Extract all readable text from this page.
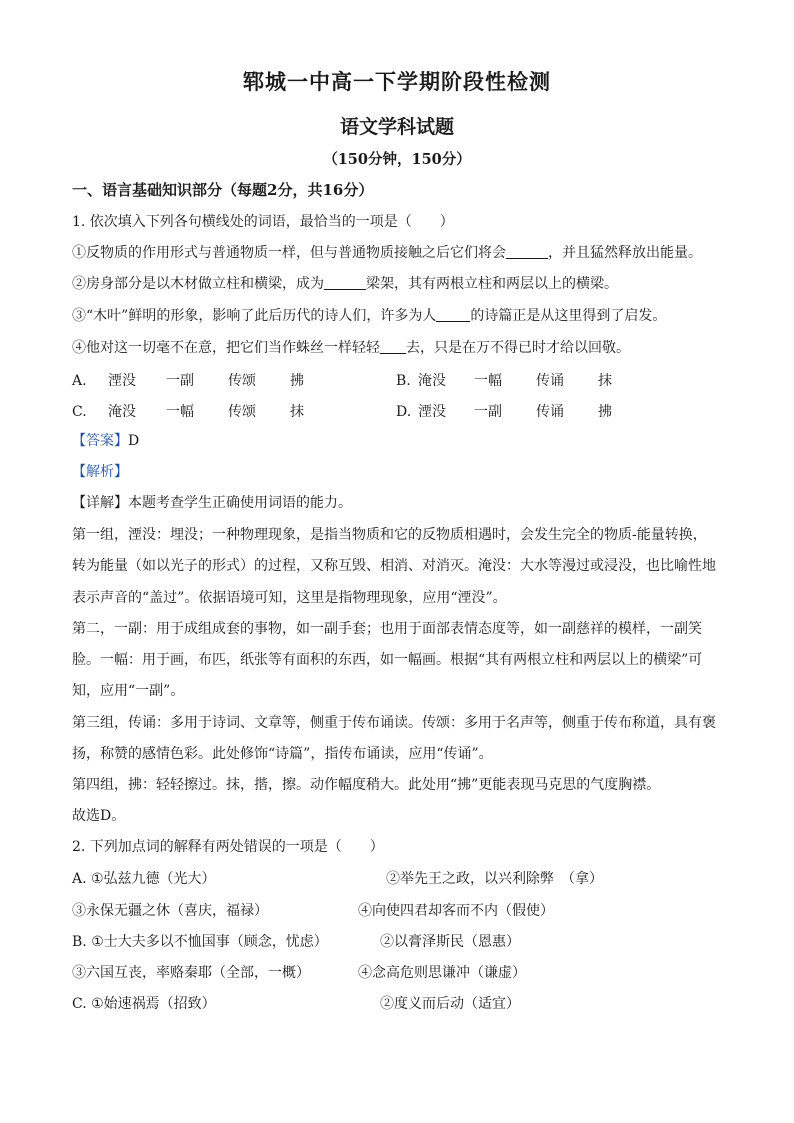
郓城一中高一下学期阶段性检测
语文学科试题
（150分钟，150分）
一、语言基础知识部分（每题2分，共16分）
1. 依次填入下列各句横线处的词语，最恰当的一项是（　　）
①反物质的作用形式与普通物质一样，但与普通物质接触之后它们将会	，并且猛然释放出能量。
②房身部分是以木材做立柱和横梁，成为	梁架，其有两根立柱和两层以上的横梁。
③“木叶”鲜明的形象，影响了此后历代的诗人们，许多为人 的诗篇正是从这里得到了启发。
④他对这一切毫不在意，把它们当作蛛丝一样轻轻 去，只是在万不得已时才给以回敬。
A. 湮没 一副 传颂 拂	B. 淹没 一幅 传诵 抹
C. 淹没 一幅 传颂 抹	D. 湮没 一副 传诵 拂
【答案】D
【解析】
【详解】本题考查学生正确使用词语的能力。
第一组，湮没：埋没；一种物理现象，是指当物质和它的反物质相遇时，会发生完全的物质-能量转换，
转为能量（如以光子的形式）的过程，又称互毁、相消、对消灭。淹没：大水等漫过或浸没，也比喻性地
表示声音的“盖过”。依据语境可知，这里是指物理现象，应用“湮没”。
第二，一副：用于成组成套的事物，如一副手套；也用于面部表情态度等，如一副慈祥的模样，一副笑
脸。一幅：用于画，布匹，纸张等有面积的东西，如一幅画。根据“其有两根立柱和两层以上的横梁”可
知，应用“一副”。
第三组，传诵：多用于诗词、文章等，侧重于传布诵读。传颂：多用于名声等，侧重于传布称道，具有褒
扬，称赞的感情色彩。此处修饰“诗篇”，指传布诵读，应用“传诵”。
第四组，拂：轻轻擦过。抹，揩，擦。动作幅度稍大。此处用“拂”更能表现马克思的气度胸襟。
故选D。
2. 下列加点词的解释有两处错误的一项是（　　）
A. ①弘兹九德（光大）	②举先王之政，以兴利除弊　（拿）
③永保无疆之休（喜庆，福禄）	④向使四君却客而不内（假使）
B. ①士大夫多以不恤国事（顾念，忧虑）	②以膏泽斯民（恩惠）
③六国互丧，率赂秦耶（全部，一概）	④念高危则思谦冲（谦虚）
C. ①始速祸焉（招致）	②度义而后动（适宜）
